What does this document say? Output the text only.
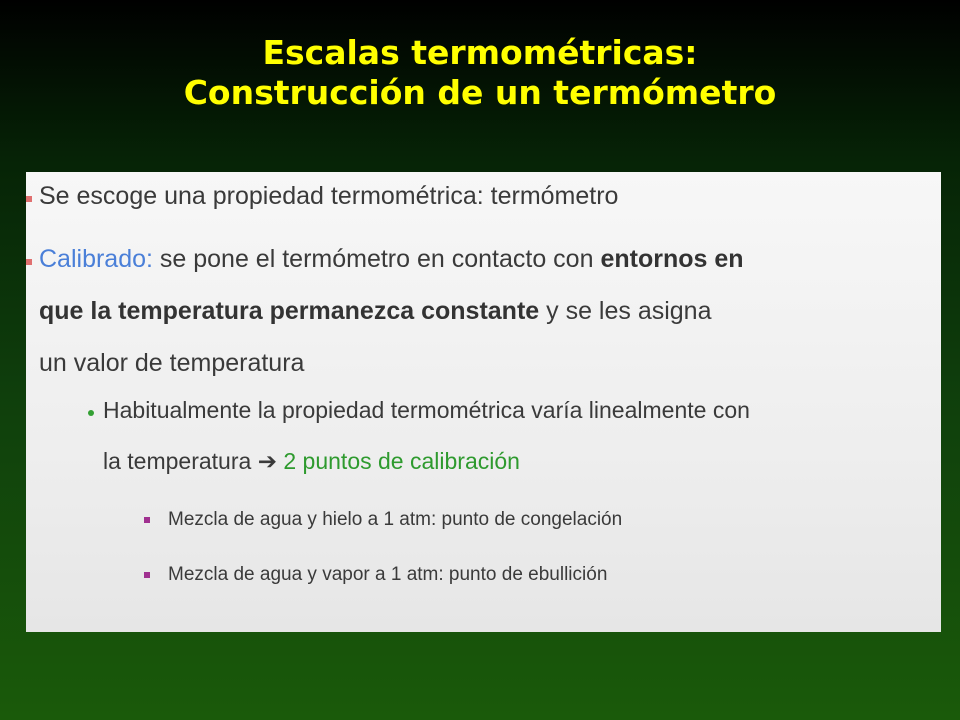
Escalas termométricas:
Construcción de un termómetro
Se escoge una propiedad termométrica: termómetro
Calibrado: se pone el termómetro en contacto con entornos en
que la temperatura permanezca constante y se les asigna
un valor de temperatura
Habitualmente la propiedad termométrica varía linealmente con
la temperatura ➔ 2 puntos de calibración
Mezcla de agua y hielo a 1 atm: punto de congelación
Mezcla de agua y vapor a 1 atm: punto de ebullición
